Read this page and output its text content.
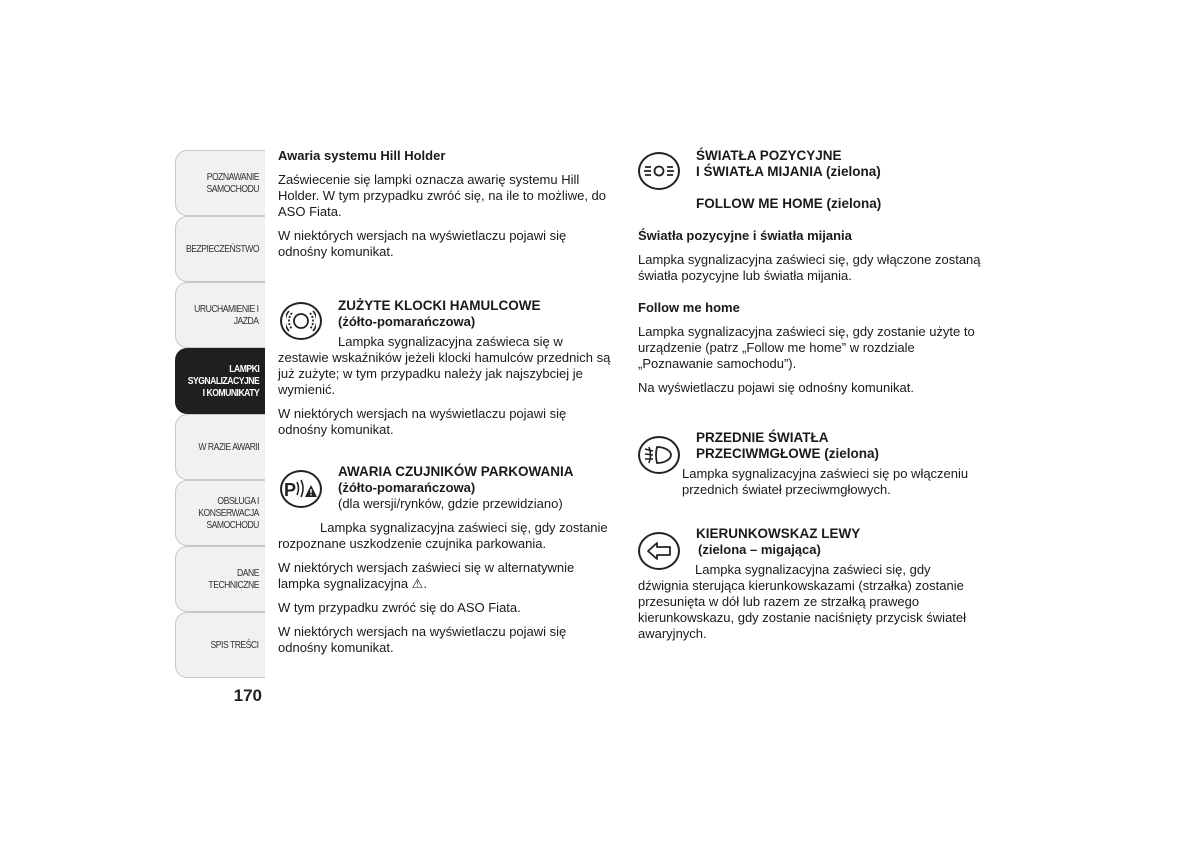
POZNAWANIE
SAMOCHODU
BEZPIECZEŃSTWO
URUCHAMIENIE I
JAZDA
LAMPKI
SYGNALIZACYJNE
I KOMUNIKATY
W RAZIE AWARII
OBSŁUGA I
KONSERWACJA
SAMOCHODU
DANE TECHNICZNE
SPIS TREŚCI
170

Awaria systemu Hill Holder

Zaświecenie się lampki oznacza awarię systemu Hill Holder. W tym przypadku zwróć się, na ile to możliwe, do ASO Fiata.

W niektórych wersjach na wyświetlaczu pojawi się odnośny komunikat.

ZUŻYTE KLOCKI HAMULCOWE

(żółto-pomarańczowa)

Lampka sygnalizacyjna zaświeca się w zestawie wskaźników jeżeli klocki hamulców przednich są już zużyte; w tym przypadku należy jak najszybciej je wymienić.

W niektórych wersjach na wyświetlaczu pojawi się odnośny komunikat.

P

AWARIA CZUJNIKÓW PARKOWANIA

(żółto-pomarańczowa)

(dla wersji/rynków, gdzie przewidziano)

Lampka sygnalizacyjna zaświeci się, gdy zostanie rozpoznane uszkodzenie czujnika parkowania.

W niektórych wersjach zaświeci się w alternatywnie lampka sygnalizacyjna ⚠.

W tym przypadku zwróć się do ASO Fiata.

W niektórych wersjach na wyświetlaczu pojawi się odnośny komunikat.

ŚWIATŁA POZYCYJNE

I ŚWIATŁA MIJANIA (zielona)

FOLLOW ME HOME (zielona)

Światła pozycyjne i światła mijania

Lampka sygnalizacyjna zaświeci się, gdy włączone zostaną światła pozycyjne lub światła mijania.

Follow me home

Lampka sygnalizacyjna zaświeci się, gdy zostanie użyte to urządzenie (patrz „Follow me home” w rozdziale „Poznawanie samochodu”).

Na wyświetlaczu pojawi się odnośny komunikat.

PRZEDNIE ŚWIATŁA

PRZECIWMGŁOWE (zielona)

Lampka sygnalizacyjna zaświeci się po włączeniu przednich świateł przeciwmgłowych.

KIERUNKOWSKAZ LEWY

(zielona – migająca)

Lampka sygnalizacyjna zaświeci się, gdy dźwignia sterująca kierunkowskazami (strzałka) zostanie przesunięta w dół lub razem ze strzałką prawego kierunkowskazu, gdy zostanie naciśnięty przycisk świateł awaryjnych.
